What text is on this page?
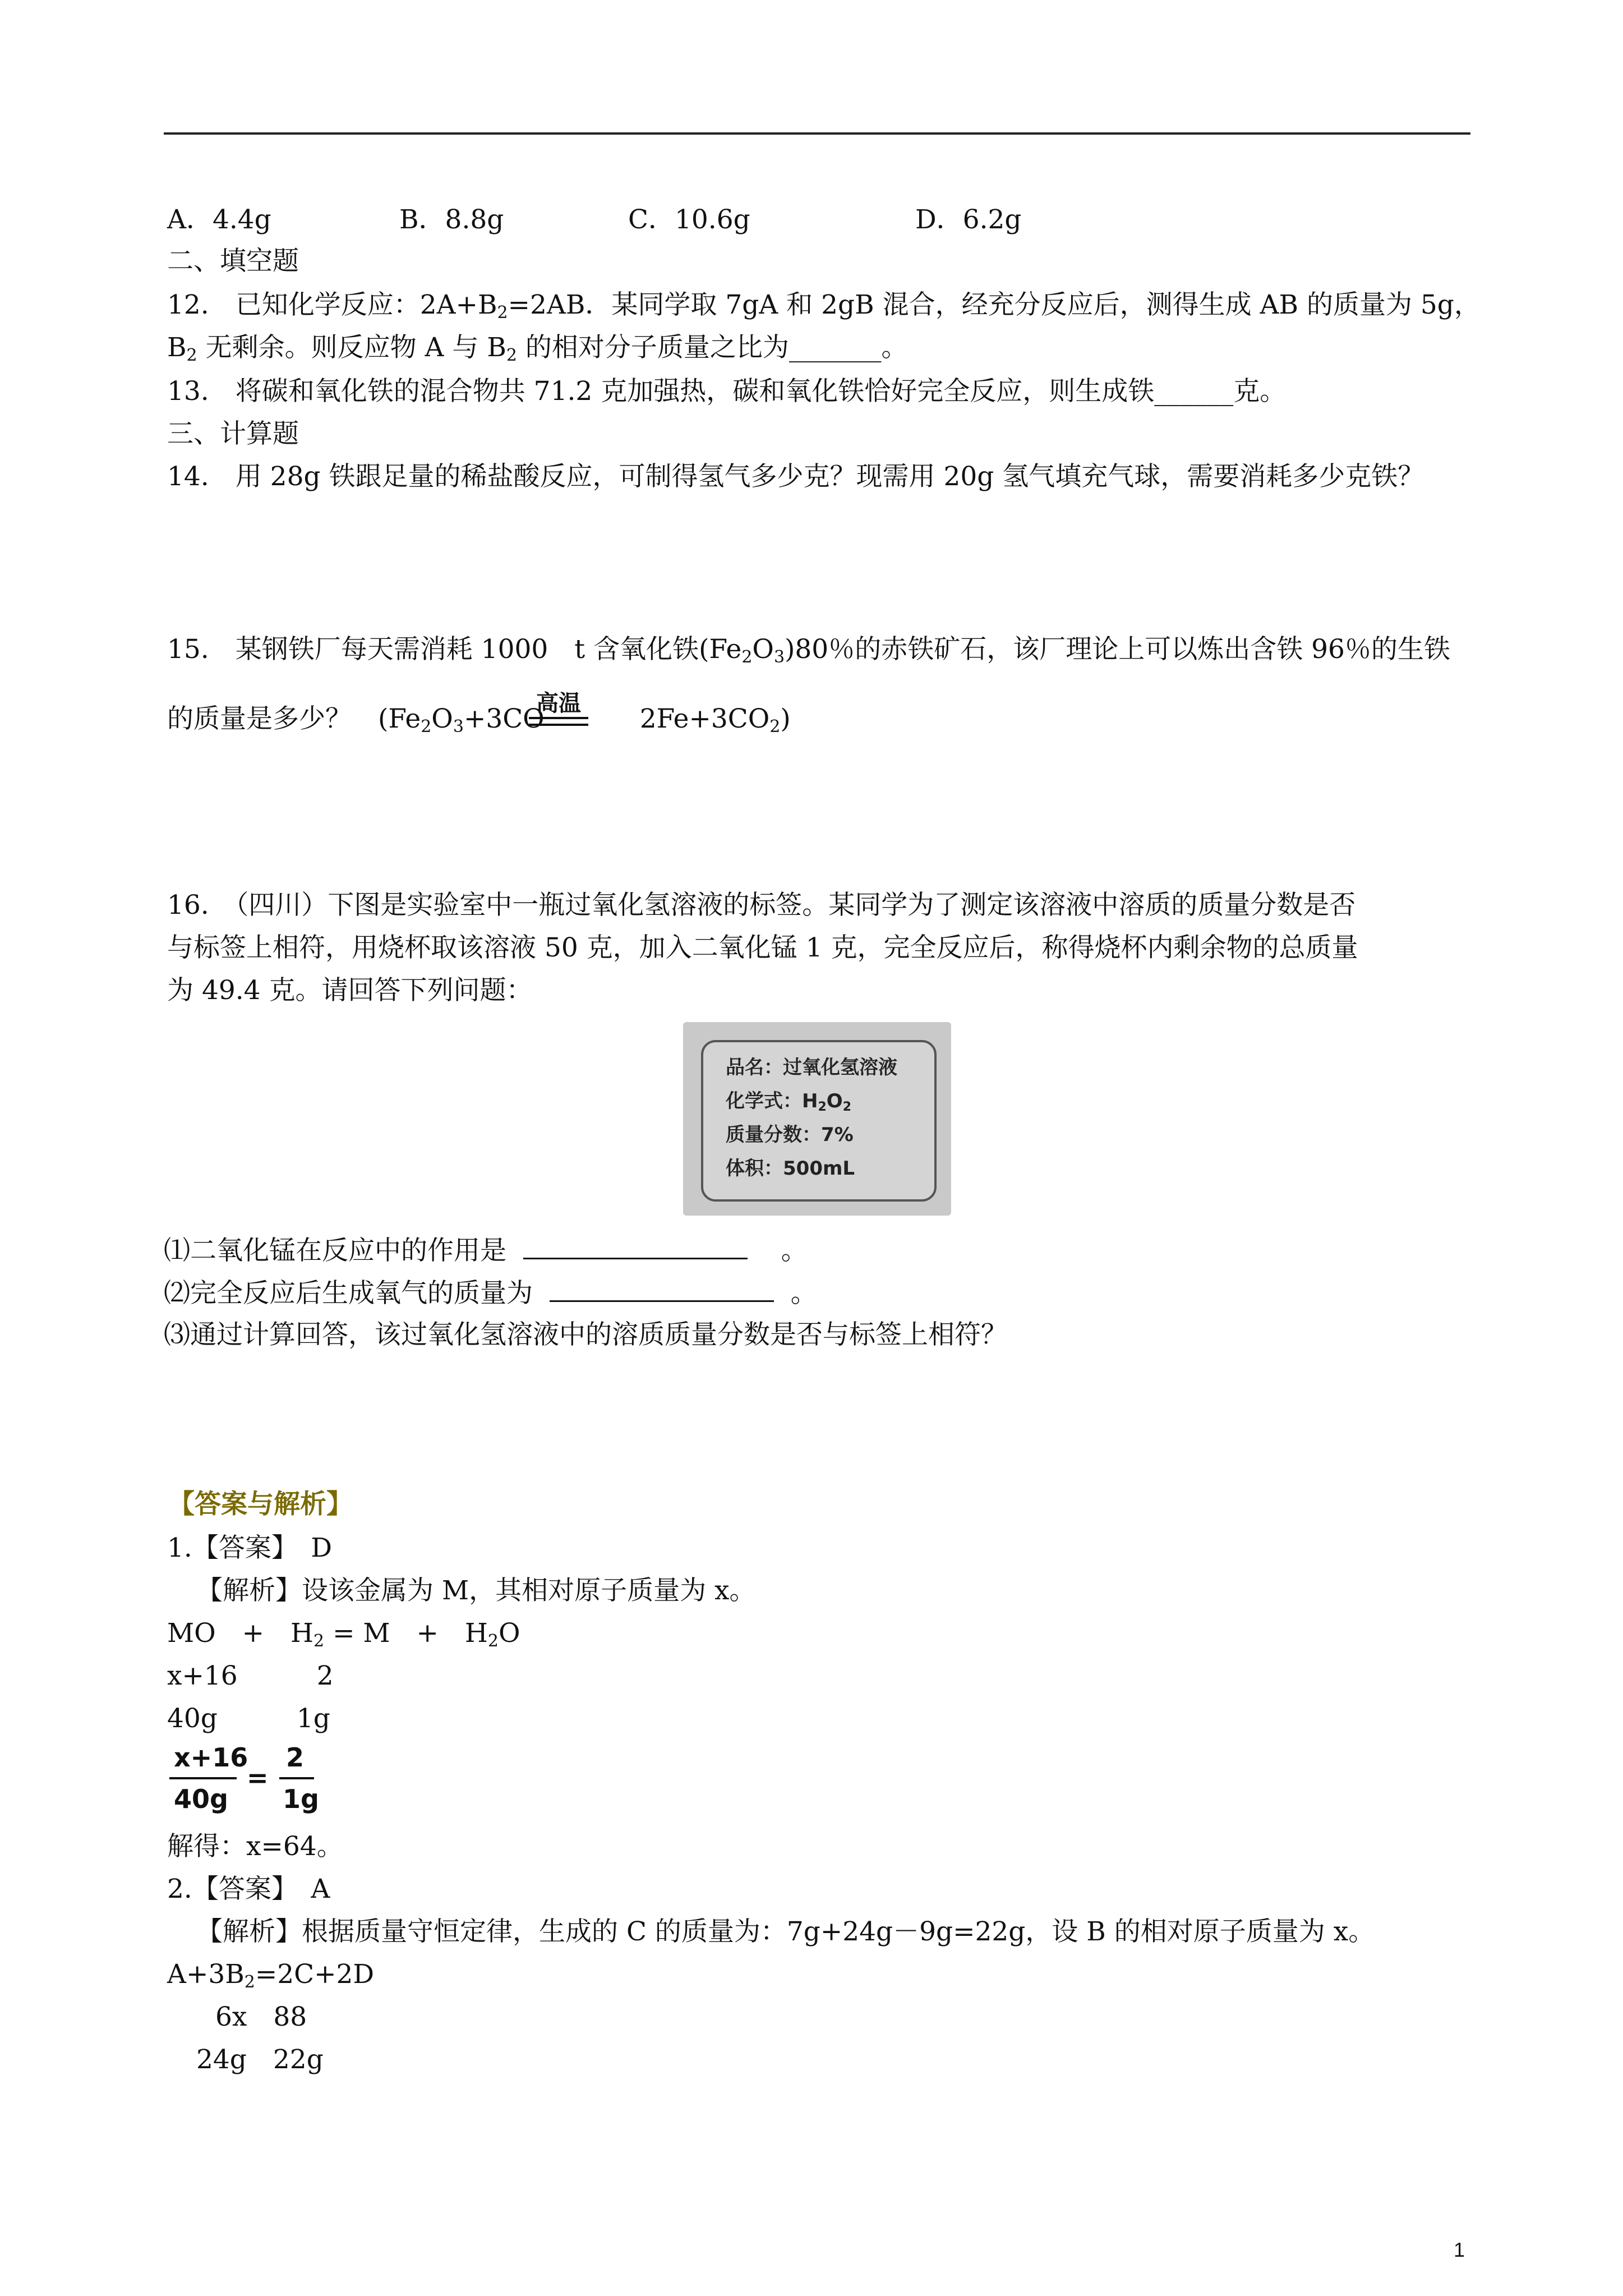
A．4.4g	B．8.8g	C．10.6g	D．6.2g
二、填空题
12.　已知化学反应：$2A+B_2=2AB$．某同学取 7gA 和 2gB 混合，经充分反应后，测得生成 AB 的质量为 5g，
$B_2$ 无剩余。则反应物 A 与 $B_2$ 的相对分子质量之比为_______。
13.　将碳和氧化铁的混合物共 71.2 克加强热，碳和氧化铁恰好完全反应，则生成铁______克。
三、计算题
14.　用 28g 铁跟足量的稀盐酸反应，可制得氢气多少克？现需用 20g 氢气填充气球，需要消耗多少克铁？
15.　某钢铁厂每天需消耗 1000　t 含氧化铁$(Fe_2O_3)80$％的赤铁矿石，该厂理论上可以炼出含铁 96％的生铁
的质量是多少？　($Fe_2O_3+3CO$	$2Fe+3CO_2$)
高温
16.　（四川）下图是实验室中一瓶过氧化氢溶液的标签。某同学为了测定该溶液中溶质的质量分数是否
与标签上相符，用烧杯取该溶液 50 克，加入二氧化锰 1 克，完全反应后，称得烧杯内剩余物的总质量
为 49.4 克。请回答下列问题：
品名：过氧化氢溶液
化学式：$H_2O_2$
质量分数：7%
体积：500mL
⑴二氧化锰在反应中的作用是	。
⑵完全反应后生成氧气的质量为	。
⑶通过计算回答，该过氧化氢溶液中的溶质质量分数是否与标签上相符？
【答案与解析】
1.【答案】　D
【解析】设该金属为 M，其相对原子质量为 x。
MO　+　$H_2 = M$　+　$H_2O$
x+16　　　2
40g　　　1g
x+16
40g
=
2
1g
解得：x=64。
2.【答案】　A
【解析】根据质量守恒定律，生成的 C 的质量为：7g+24g－9g=22g，设 B 的相对原子质量为 x。
$A+3B_2=2C+2D$
6x　88
24g　22g
1
